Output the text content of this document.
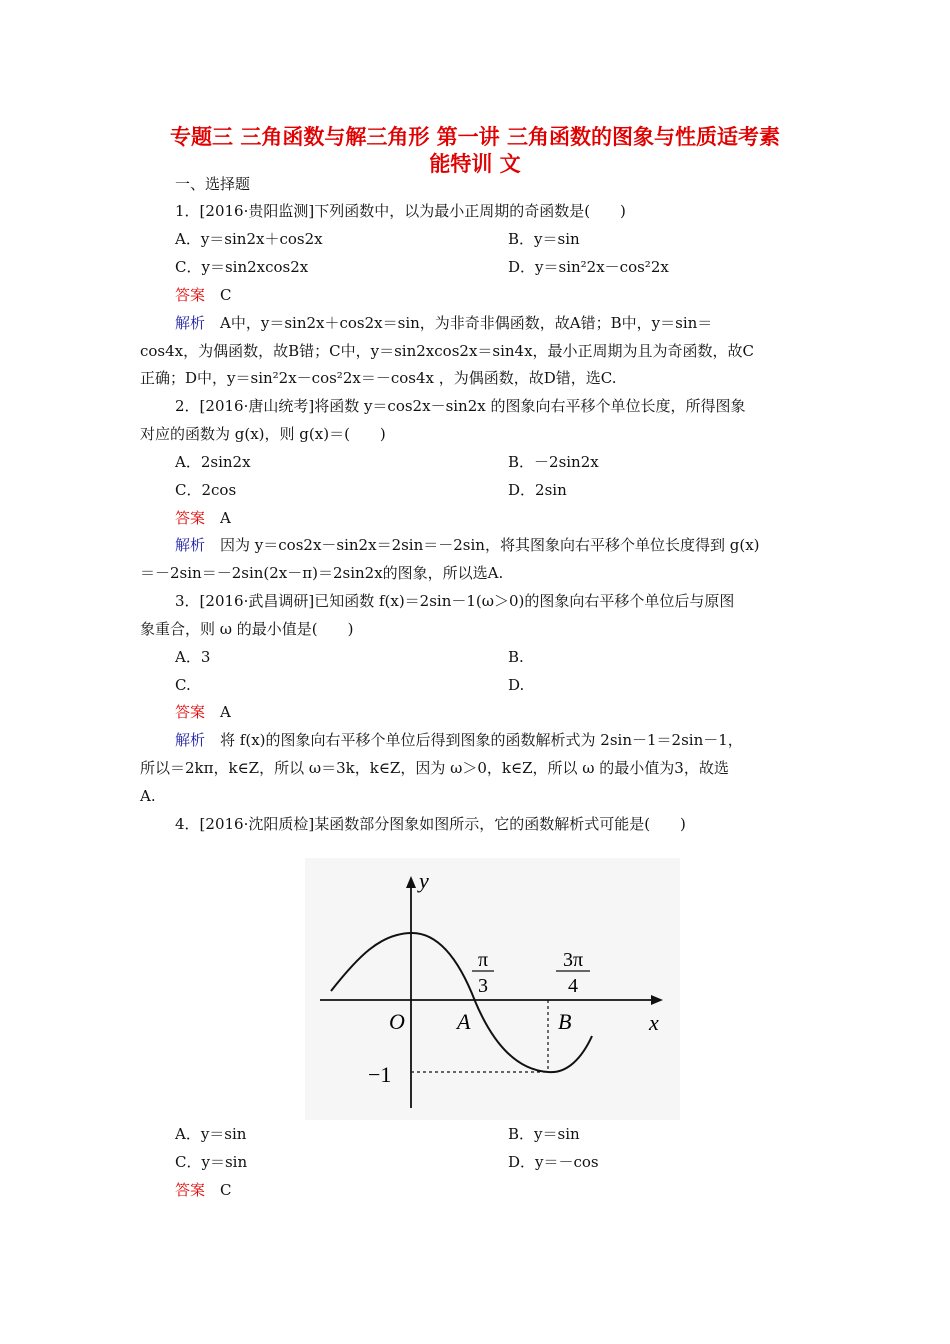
专题三 三角函数与解三角形 第一讲 三角函数的图象与性质适考素
能特训 文
一、选择题
1．[2016·贵阳监测]下列函数中，以为最小正周期的奇函数是(　　)
A．y＝sin2x＋cos2x	B．y＝sin
C．y＝sin2xcos2x	D．y＝sin²2x－cos²2x
答案　 C
解析　 A中，y＝sin2x＋cos2x＝sin，为非奇非偶函数，故A错；B中，y＝sin＝
cos4x，为偶函数，故B错；C中，y＝sin2xcos2x＝sin4x，最小正周期为且为奇函数，故C
正确；D中，y＝sin²2x－cos²2x＝－cos4x ，为偶函数，故D错，选C.
2．[2016·唐山统考]将函数 y＝cos2x－sin2x 的图象向右平移个单位长度，所得图象
对应的函数为 g(x)，则 g(x)＝(　　)
A．2sin2x	B．－2sin2x
C．2cos	D．2sin
答案　 A
解析　 因为 y＝cos2x－sin2x＝2sin＝－2sin，将其图象向右平移个单位长度得到 g(x)
＝－2sin＝－2sin(2x－π)＝2sin2x的图象，所以选A.
3．[2016·武昌调研]已知函数 f(x)＝2sin－1(ω＞0)的图象向右平移个单位后与原图
象重合，则 ω 的最小值是(　　)
A．3	B.
C.	D.
答案　 A
解析　 将 f(x)的图象向右平移个单位后得到图象的函数解析式为 2sin－1＝2sin－1，
所以＝2kπ，k∈Z，所以 ω＝3k，k∈Z，因为 ω＞0，k∈Z，所以 ω 的最小值为3，故选
A.
4．[2016·沈阳质检]某函数部分图象如图所示，它的函数解析式可能是(　　)
y
x
O A	B
−1
π
3
3π
4
A．y＝sin	B．y＝sin
C．y＝sin	D．y＝－cos
答案　 C
